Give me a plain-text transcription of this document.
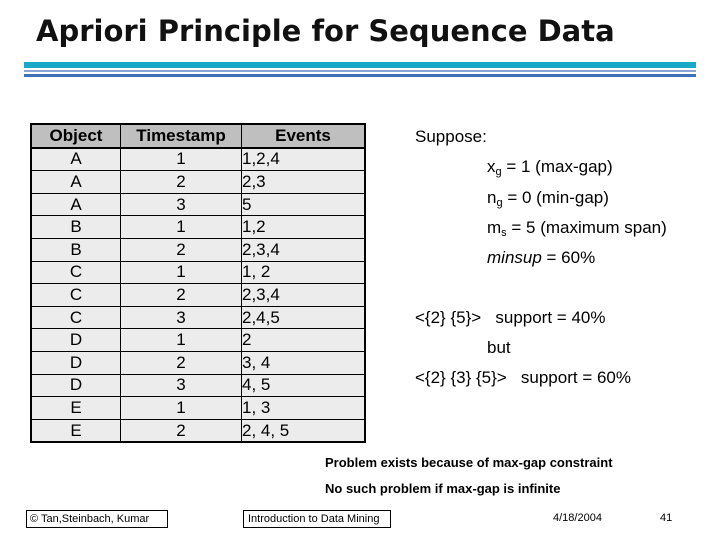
Apriori Principle for Sequence Data
Object	Timestamp	Events
A	1	1,2,4
A	2	2,3
A	3	5
B	1	1,2
B	2	2,3,4
C	1	1, 2
C	2	2,3,4
C	3	2,4,5
D	1	2
D	2	3, 4
D	3	4, 5
E	1	1, 3
E	2	2, 4, 5
Suppose:
$x_g = 1$ (max-gap)
$n_g = 0$ (min-gap)
$m_s = 5$ (maximum span)
minsup = 60%
<{2} {5}>   support = 40%
but
<{2} {3} {5}>   support = 60%
Problem exists because of max-gap constraint
No such problem if max-gap is infinite
© Tan,Steinbach, Kumar	Introduction to Data Mining	4/18/2004	41
